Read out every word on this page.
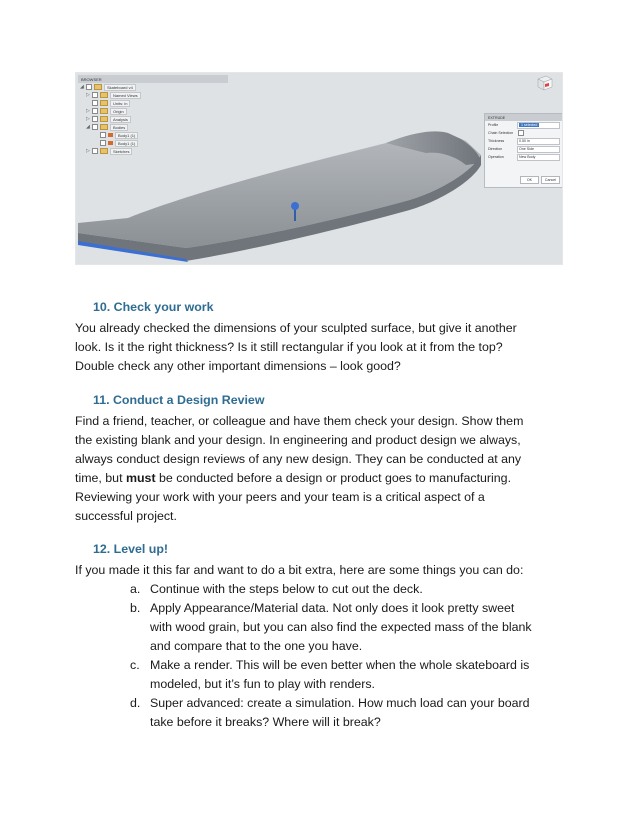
BROWSER
◢	Skateboard v4
▷	Named Views
Units: in
▷	Origin
▷	Analysis
◢	Bodies
Body1 (1)
Body1 (1)
▷	Sketches
EXTRUDE
Profile	1 selected
Chain Selection
Thickness	0.50 in
Direction	One Side
Operation	New Body
OK	Cancel
10. Check your work
You already checked the dimensions of your sculpted surface, but give it another
look. Is it the right thickness? Is it still rectangular if you look at it from the top?
Double check any other important dimensions – look good?
11. Conduct a Design Review
Find a friend, teacher, or colleague and have them check your design. Show them
the existing blank and your design. In engineering and product design we always,
always conduct design reviews of any new design. They can be conducted at any
time, but must be conducted before a design or product goes to manufacturing.
Reviewing your work with your peers and your team is a critical aspect of a
successful project.
12. Level up!
If you made it this far and want to do a bit extra, here are some things you can do:
a. Continue with the steps below to cut out the deck.
b. Apply Appearance/Material data. Not only does it look pretty sweet
with wood grain, but you can also find the expected mass of the blank
and compare that to the one you have.
c. Make a render. This will be even better when the whole skateboard is
modeled, but it’s fun to play with renders.
d. Super advanced: create a simulation. How much load can your board
take before it breaks? Where will it break?
